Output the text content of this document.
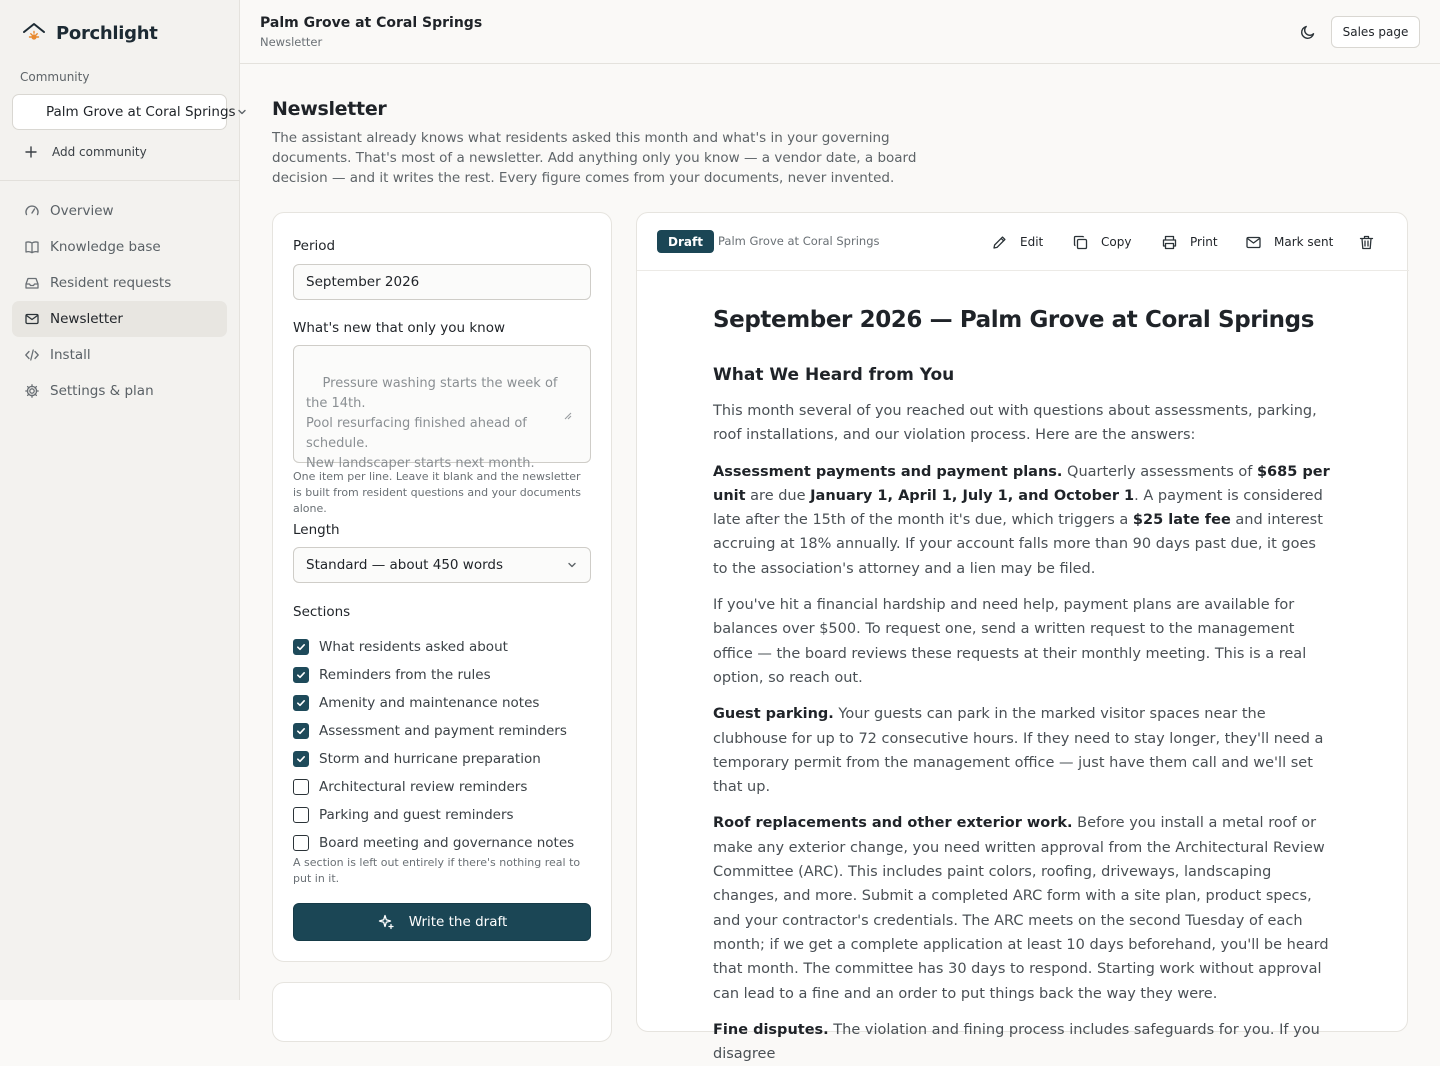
Porchlight
Community
Palm Grove at Coral Springs
Add community
Overview
Knowledge base
Resident requests
Newsletter
Install
Settings & plan
Palm Grove at Coral Springs
Newsletter
Sales page
Newsletter

The assistant already knows what residents asked this month and what's in your governing documents. That's most of a newsletter. Add anything only you know — a vendor date, a board decision — and it writes the rest. Every figure comes from your documents, never invented.

Period
September 2026
What's new that only you know

Pressure washing starts the week of the 14th.
Pool resurfacing finished ahead of schedule.
New landscaper starts next month.

One item per line. Leave it blank and the newsletter is built from resident questions and your documents alone.
Length
Standard — about 450 words
Sections
What residents asked about
Reminders from the rules
Amenity and maintenance notes
Assessment and payment reminders
Storm and hurricane preparation
Architectural review reminders
Parking and guest reminders
Board meeting and governance notes
A section is left out entirely if there's nothing real to put in it.
Write the draft
Draft	Palm Grove at Coral Springs	Edit	Copy	Print	Mark sent
September 2026 — Palm Grove at Coral Springs
What We Heard from You

This month several of you reached out with questions about assessments, parking, roof installations, and our violation process. Here are the answers:

Assessment payments and payment plans. Quarterly assessments of $685 per unit are due January 1, April 1, July 1, and October 1. A payment is considered late after the 15th of the month it's due, which triggers a $25 late fee and interest accruing at 18% annually. If your account falls more than 90 days past due, it goes to the association's attorney and a lien may be filed.

If you've hit a financial hardship and need help, payment plans are available for balances over $500. To request one, send a written request to the management office — the board reviews these requests at their monthly meeting. This is a real option, so reach out.

Guest parking. Your guests can park in the marked visitor spaces near the clubhouse for up to 72 consecutive hours. If they need to stay longer, they'll need a temporary permit from the management office — just have them call and we'll set that up.

Roof replacements and other exterior work. Before you install a metal roof or make any exterior change, you need written approval from the Architectural Review Committee (ARC). This includes paint colors, roofing, driveways, landscaping changes, and more. Submit a completed ARC form with a site plan, product specs, and your contractor's credentials. The ARC meets on the second Tuesday of each month; if we get a complete application at least 10 days beforehand, you'll be heard that month. The committee has 30 days to respond. Starting work without approval can lead to a fine and an order to put things back the way they were.

Fine disputes. The violation and fining process includes safeguards for you. If you disagree
